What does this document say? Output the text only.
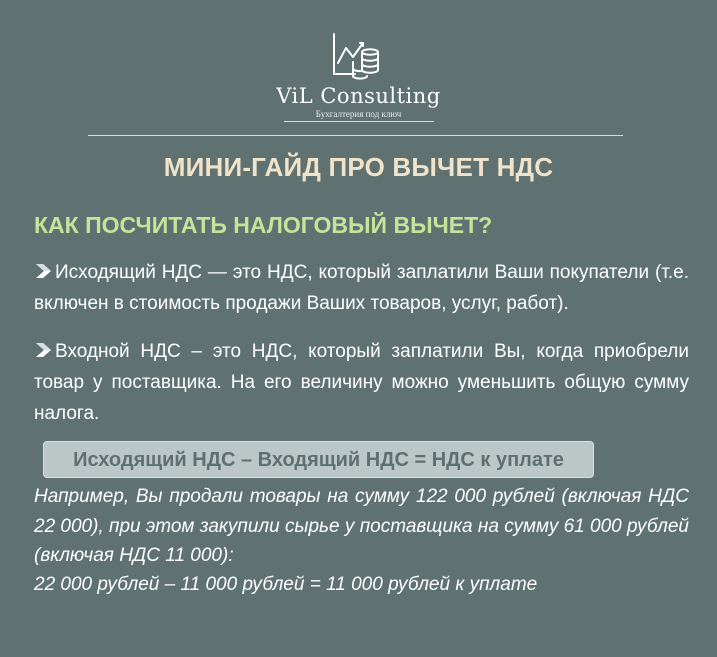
ViL Consulting
Бухгалтерия под ключ
МИНИ-ГАЙД ПРО ВЫЧЕТ НДС
КАК ПОСЧИТАТЬ НАЛОГОВЫЙ ВЫЧЕТ?
Исходящий НДС — это НДС, который заплатили Ваши покупатели (т.е. включен в стоимость продажи Ваших товаров, услуг, работ).
Входной НДС – это НДС, который заплатили Вы, когда приобрели товар у поставщика. На его величину можно уменьшить общую сумму налога.
Исходящий НДС – Входящий НДС = НДС к уплате
Например, Вы продали товары на сумму 122 000 рублей (включая НДС 22 000), при этом закупили сырье у поставщика на сумму 61 000 рублей (включая НДС 11 000):
22 000 рублей – 11 000 рублей = 11 000 рублей к уплате
